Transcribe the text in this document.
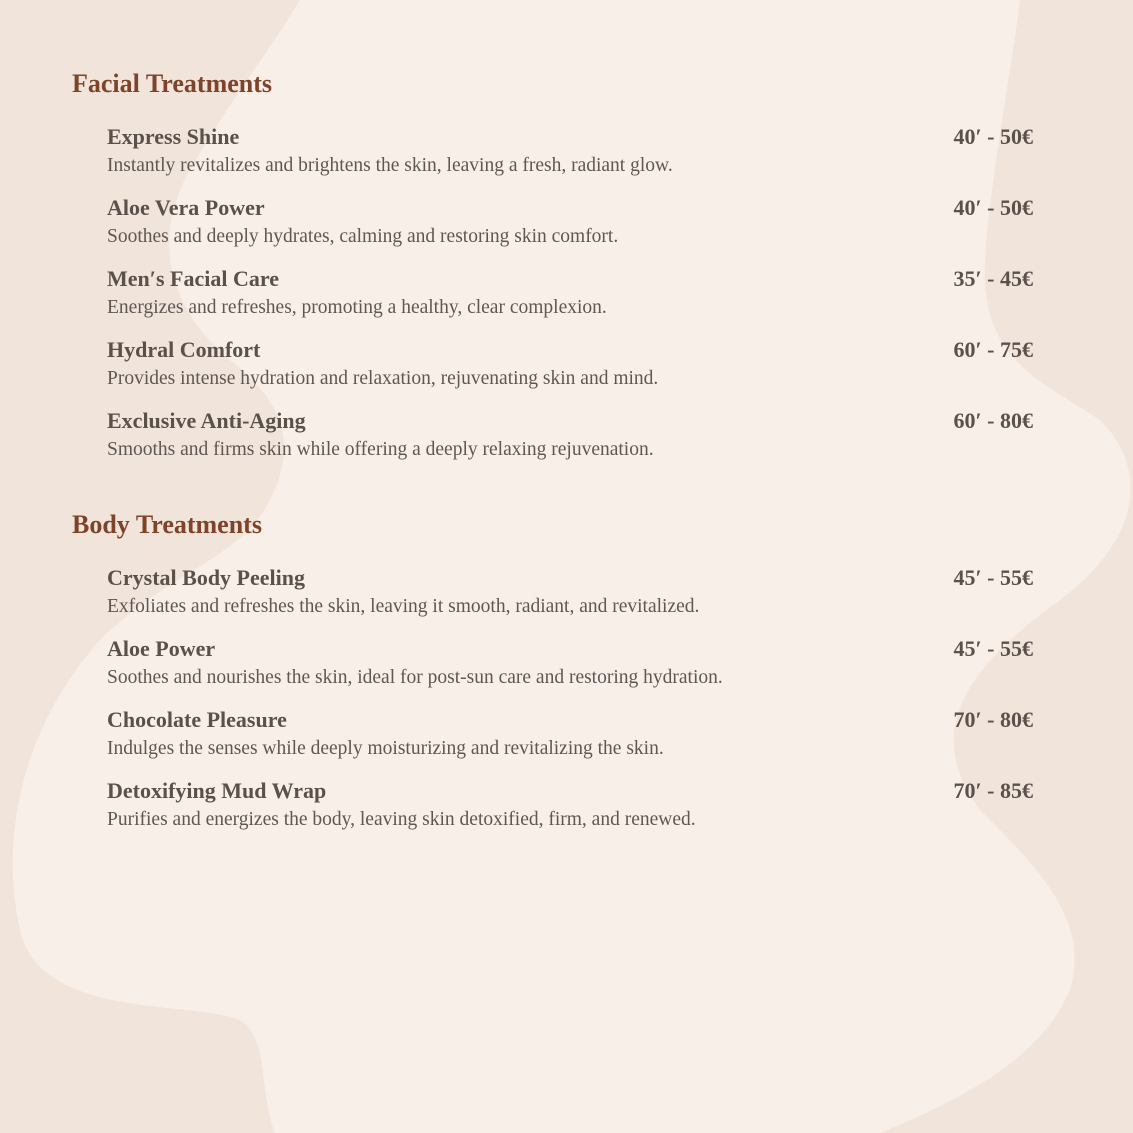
Facial Treatments
Express Shine	40′ - 50€
Instantly revitalizes and brightens the skin, leaving a fresh, radiant glow.
Aloe Vera Power	40′ - 50€
Soothes and deeply hydrates, calming and restoring skin comfort.
Men′s Facial Care	35′ - 45€
Energizes and refreshes, promoting a healthy, clear complexion.
Hydral Comfort	60′ - 75€
Provides intense hydration and relaxation, rejuvenating skin and mind.
Exclusive Anti-Aging	60′ - 80€
Smooths and firms skin while offering a deeply relaxing rejuvenation.
Body Treatments
Crystal Body Peeling	45′ - 55€
Exfoliates and refreshes the skin, leaving it smooth, radiant, and revitalized.
Aloe Power	45′ - 55€
Soothes and nourishes the skin, ideal for post-sun care and restoring hydration.
Chocolate Pleasure	70′ - 80€
Indulges the senses while deeply moisturizing and revitalizing the skin.
Detoxifying Mud Wrap	70′ - 85€
Purifies and energizes the body, leaving skin detoxified, firm, and renewed.
